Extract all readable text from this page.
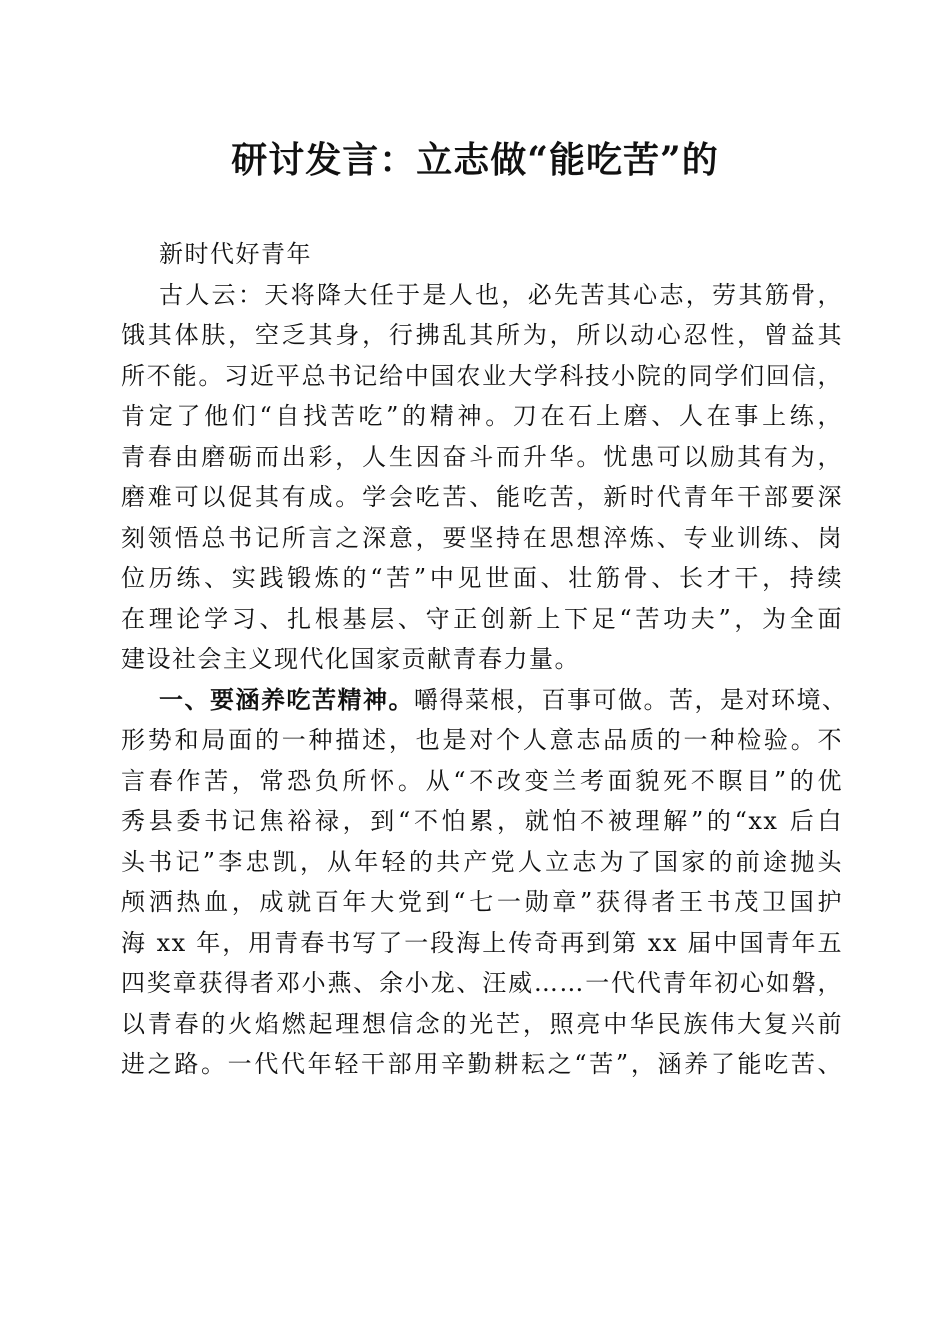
研讨发言：立志做“能吃苦”的
新时代好青年
古人云：天将降大任于是人也，必先苦其心志，劳其筋骨，
饿其体肤，空乏其身，行拂乱其所为，所以动心忍性，曾益其
所不能。习近平总书记给中国农业大学科技小院的同学们回信，
肯定了他们“自找苦吃”的精神。刀在石上磨、人在事上练，
青春由磨砺而出彩，人生因奋斗而升华。忧患可以励其有为，
磨难可以促其有成。学会吃苦、能吃苦，新时代青年干部要深
刻领悟总书记所言之深意，要坚持在思想淬炼、专业训练、岗
位历练、实践锻炼的“苦”中见世面、壮筋骨、长才干，持续
在理论学习、扎根基层、守正创新上下足“苦功夫”，为全面
建设社会主义现代化国家贡献青春力量。
一、要涵养吃苦精神。嚼得菜根，百事可做。苦，是对环境、
形势和局面的一种描述，也是对个人意志品质的一种检验。不
言春作苦，常恐负所怀。从“不改变兰考面貌死不瞑目”的优
秀县委书记焦裕禄，到“不怕累，就怕不被理解”的“xx 后白
头书记”李忠凯，从年轻的共产党人立志为了国家的前途抛头
颅洒热血，成就百年大党到“七一勋章”获得者王书茂卫国护
海 xx 年，用青春书写了一段海上传奇再到第 xx 届中国青年五
四奖章获得者邓小燕、余小龙、汪威……一代代青年初心如磐，
以青春的火焰燃起理想信念的光芒，照亮中华民族伟大复兴前
进之路。一代代年轻干部用辛勤耕耘之“苦”，涵养了能吃苦、
